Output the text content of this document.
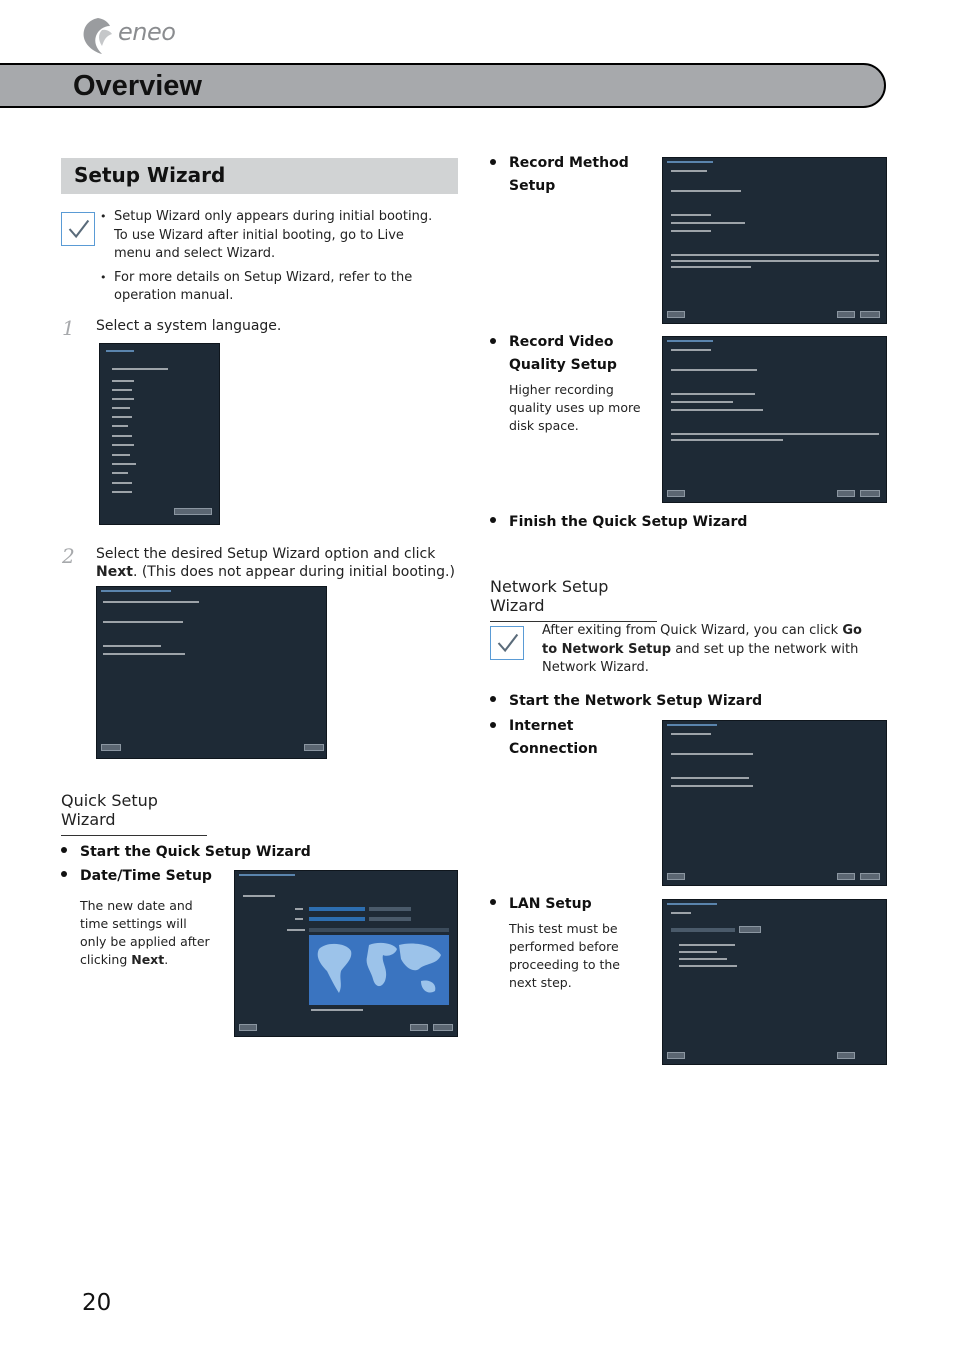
eneo
Overview
Setup Wizard
• Setup Wizard only appears during initial booting. To use Wizard after initial booting, go to Live menu and select Wizard.
• For more details on Setup Wizard, refer to the operation manual.
1 Select a system language.
2 Select the desired Setup Wizard option and click Next. (This does not appear during initial booting.)
Quick Setup Wizard
Start the Quick Setup Wizard
Date/Time Setup
The new date and time settings will only be applied after clicking Next.
Record Method Setup
Record Video Quality Setup
Higher recording quality uses up more disk space.
Finish the Quick Setup Wizard
Network Setup Wizard
After exiting from Quick Wizard, you can click Go to Network Setup and set up the network with Network Wizard.
Start the Network Setup Wizard
Internet Connection
LAN Setup
This test must be performed before proceeding to the next step.
20
